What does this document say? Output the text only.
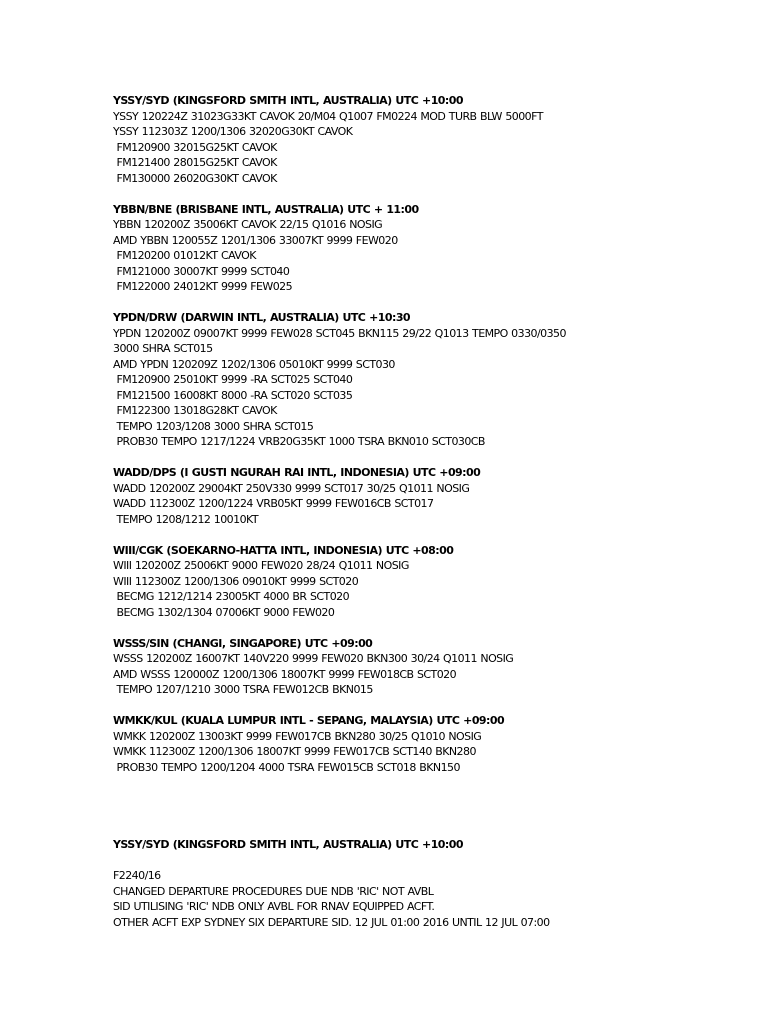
YSSY/SYD (KINGSFORD SMITH INTL, AUSTRALIA) UTC +10:00
YSSY 120224Z 31023G33KT CAVOK 20/M04 Q1007 FM0224 MOD TURB BLW 5000FT
YSSY 112303Z 1200/1306 32020G30KT CAVOK
FM120900 32015G25KT CAVOK
FM121400 28015G25KT CAVOK
FM130000 26020G30KT CAVOK
YBBN/BNE (BRISBANE INTL, AUSTRALIA) UTC + 11:00
YBBN 120200Z 35006KT CAVOK 22/15 Q1016 NOSIG
AMD YBBN 120055Z 1201/1306 33007KT 9999 FEW020
FM120200 01012KT CAVOK
FM121000 30007KT 9999 SCT040
FM122000 24012KT 9999 FEW025
YPDN/DRW (DARWIN INTL, AUSTRALIA) UTC +10:30
YPDN 120200Z 09007KT 9999 FEW028 SCT045 BKN115 29/22 Q1013 TEMPO 0330/0350
3000 SHRA SCT015
AMD YPDN 120209Z 1202/1306 05010KT 9999 SCT030
FM120900 25010KT 9999 -RA SCT025 SCT040
FM121500 16008KT 8000 -RA SCT020 SCT035
FM122300 13018G28KT CAVOK
TEMPO 1203/1208 3000 SHRA SCT015
PROB30 TEMPO 1217/1224 VRB20G35KT 1000 TSRA BKN010 SCT030CB
WADD/DPS (I GUSTI NGURAH RAI INTL, INDONESIA) UTC +09:00
WADD 120200Z 29004KT 250V330 9999 SCT017 30/25 Q1011 NOSIG
WADD 112300Z 1200/1224 VRB05KT 9999 FEW016CB SCT017
TEMPO 1208/1212 10010KT
WIII/CGK (SOEKARNO-HATTA INTL, INDONESIA) UTC +08:00
WIII 120200Z 25006KT 9000 FEW020 28/24 Q1011 NOSIG
WIII 112300Z 1200/1306 09010KT 9999 SCT020
BECMG 1212/1214 23005KT 4000 BR SCT020
BECMG 1302/1304 07006KT 9000 FEW020
WSSS/SIN (CHANGI, SINGAPORE) UTC +09:00
WSSS 120200Z 16007KT 140V220 9999 FEW020 BKN300 30/24 Q1011 NOSIG
AMD WSSS 120000Z 1200/1306 18007KT 9999 FEW018CB SCT020
TEMPO 1207/1210 3000 TSRA FEW012CB BKN015
WMKK/KUL (KUALA LUMPUR INTL - SEPANG, MALAYSIA) UTC +09:00
WMKK 120200Z 13003KT 9999 FEW017CB BKN280 30/25 Q1010 NOSIG
WMKK 112300Z 1200/1306 18007KT 9999 FEW017CB SCT140 BKN280
PROB30 TEMPO 1200/1204 4000 TSRA FEW015CB SCT018 BKN150
YSSY/SYD (KINGSFORD SMITH INTL, AUSTRALIA) UTC +10:00
F2240/16
CHANGED DEPARTURE PROCEDURES DUE NDB 'RIC' NOT AVBL
SID UTILISING 'RIC' NDB ONLY AVBL FOR RNAV EQUIPPED ACFT.
OTHER ACFT EXP SYDNEY SIX DEPARTURE SID. 12 JUL 01:00 2016 UNTIL 12 JUL 07:00
